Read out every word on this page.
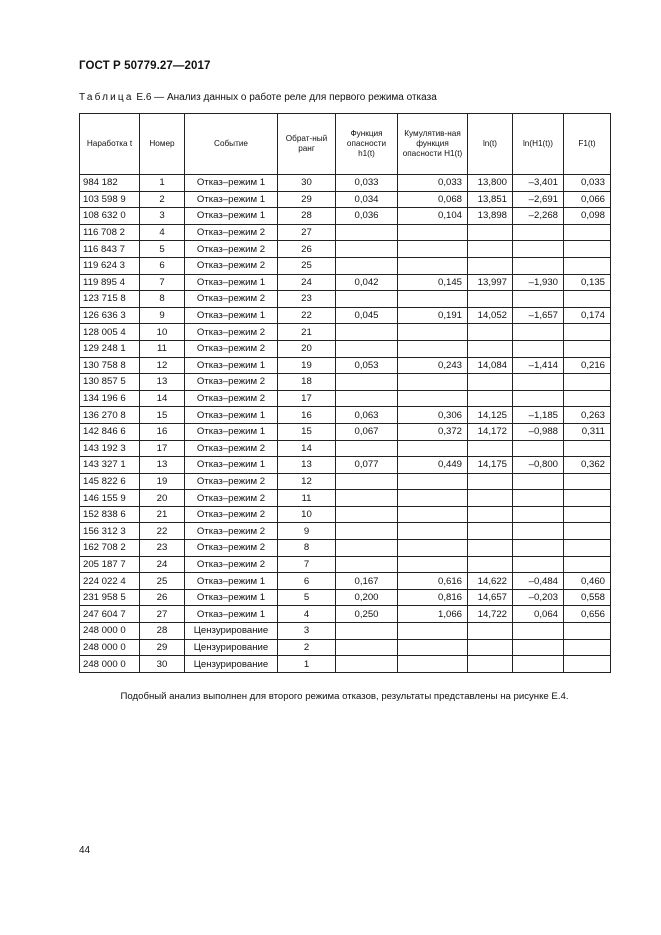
ГОСТ Р 50779.27—2017
Таблица Е.6 — Анализ данных о работе реле для первого режима отказа
Наработка t	Номер	Событие	Обрат-ный ранг	Функция опасности h1(t)	Кумулятив-ная функция опасности H1(t)	ln(t)	ln(H1(t))	F1(t)
984 182	1	Отказ–режим 1	30	0,033	0,033	13,800	–3,401	0,033
103 598 9	2	Отказ–режим 1	29	0,034	0,068	13,851	–2,691	0,066
108 632 0	3	Отказ–режим 1	28	0,036	0,104	13,898	–2,268	0,098
116 708 2	4	Отказ–режим 2	27					
116 843 7	5	Отказ–режим 2	26					
119 624 3	6	Отказ–режим 2	25					
119 895 4	7	Отказ–режим 1	24	0,042	0,145	13,997	–1,930	0,135
123 715 8	8	Отказ–режим 2	23					
126 636 3	9	Отказ–режим 1	22	0,045	0,191	14,052	–1,657	0,174
128 005 4	10	Отказ–режим 2	21					
129 248 1	11	Отказ–режим 2	20					
130 758 8	12	Отказ–режим 1	19	0,053	0,243	14,084	–1,414	0,216
130 857 5	13	Отказ–режим 2	18					
134 196 6	14	Отказ–режим 2	17					
136 270 8	15	Отказ–режим 1	16	0,063	0,306	14,125	–1,185	0,263
142 846 6	16	Отказ–режим 1	15	0,067	0,372	14,172	–0,988	0,311
143 192 3	17	Отказ–режим 2	14					
143 327 1	13	Отказ–режим 1	13	0,077	0,449	14,175	–0,800	0,362
145 822 6	19	Отказ–режим 2	12					
146 155 9	20	Отказ–режим 2	11					
152 838 6	21	Отказ–режим 2	10					
156 312 3	22	Отказ–режим 2	9					
162 708 2	23	Отказ–режим 2	8					
205 187 7	24	Отказ–режим 2	7					
224 022 4	25	Отказ–режим 1	6	0,167	0,616	14,622	–0,484	0,460
231 958 5	26	Отказ–режим 1	5	0,200	0,816	14,657	–0,203	0,558
247 604 7	27	Отказ–режим 1	4	0,250	1,066	14,722	0,064	0,656
248 000 0	28	Цензурирование	3					
248 000 0	29	Цензурирование	2					
248 000 0	30	Цензурирование	1					
Подобный анализ выполнен для второго режима отказов, результаты представлены на рисунке Е.4.
44
